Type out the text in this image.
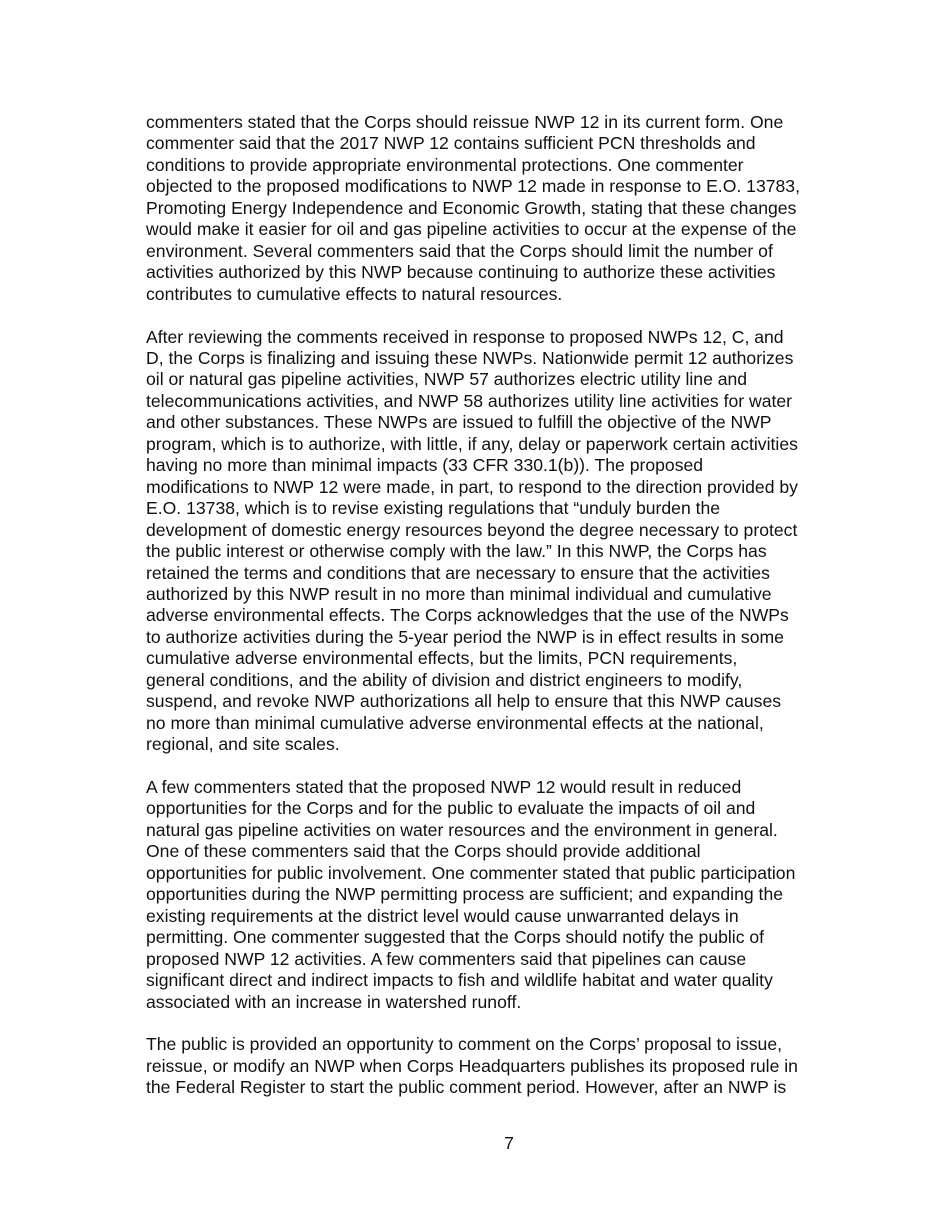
commenters stated that the Corps should reissue NWP 12 in its current form. One
commenter said that the 2017 NWP 12 contains sufficient PCN thresholds and
conditions to provide appropriate environmental protections. One commenter
objected to the proposed modifications to NWP 12 made in response to E.O. 13783,
Promoting Energy Independence and Economic Growth, stating that these changes
would make it easier for oil and gas pipeline activities to occur at the expense of the
environment. Several commenters said that the Corps should limit the number of
activities authorized by this NWP because continuing to authorize these activities
contributes to cumulative effects to natural resources.

After reviewing the comments received in response to proposed NWPs 12, C, and
D, the Corps is finalizing and issuing these NWPs. Nationwide permit 12 authorizes
oil or natural gas pipeline activities, NWP 57 authorizes electric utility line and
telecommunications activities, and NWP 58 authorizes utility line activities for water
and other substances. These NWPs are issued to fulfill the objective of the NWP
program, which is to authorize, with little, if any, delay or paperwork certain activities
having no more than minimal impacts (33 CFR 330.1(b)). The proposed
modifications to NWP 12 were made, in part, to respond to the direction provided by
E.O. 13738, which is to revise existing regulations that “unduly burden the
development of domestic energy resources beyond the degree necessary to protect
the public interest or otherwise comply with the law.” In this NWP, the Corps has
retained the terms and conditions that are necessary to ensure that the activities
authorized by this NWP result in no more than minimal individual and cumulative
adverse environmental effects. The Corps acknowledges that the use of the NWPs
to authorize activities during the 5-year period the NWP is in effect results in some
cumulative adverse environmental effects, but the limits, PCN requirements,
general conditions, and the ability of division and district engineers to modify,
suspend, and revoke NWP authorizations all help to ensure that this NWP causes
no more than minimal cumulative adverse environmental effects at the national,
regional, and site scales.

A few commenters stated that the proposed NWP 12 would result in reduced
opportunities for the Corps and for the public to evaluate the impacts of oil and
natural gas pipeline activities on water resources and the environment in general.
One of these commenters said that the Corps should provide additional
opportunities for public involvement. One commenter stated that public participation
opportunities during the NWP permitting process are sufficient; and expanding the
existing requirements at the district level would cause unwarranted delays in
permitting. One commenter suggested that the Corps should notify the public of
proposed NWP 12 activities. A few commenters said that pipelines can cause
significant direct and indirect impacts to fish and wildlife habitat and water quality
associated with an increase in watershed runoff.

The public is provided an opportunity to comment on the Corps’ proposal to issue,
reissue, or modify an NWP when Corps Headquarters publishes its proposed rule in
the Federal Register to start the public comment period. However, after an NWP is

7
